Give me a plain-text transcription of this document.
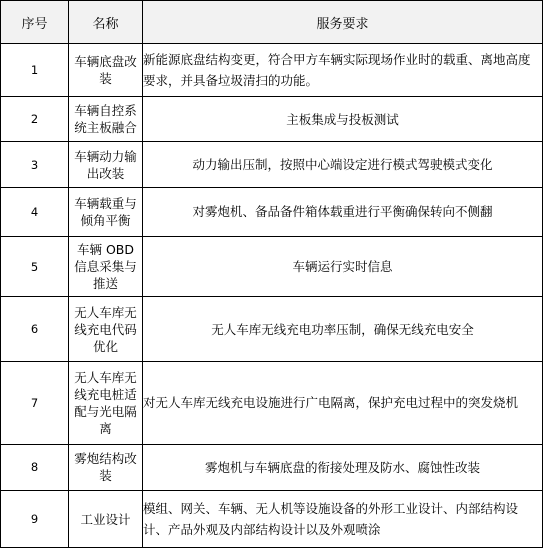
序号	名称	服务要求
1	车辆底盘改装	新能源底盘结构变更，符合甲方车辆实际现场作业时的载重、离地高度要求，并具备垃圾清扫的功能。
2	车辆自控系统主板融合	主板集成与投板测试
3	车辆动力输出改装	动力输出压制，按照中心端设定进行模式驾驶模式变化
4	车辆载重与倾角平衡	对雾炮机、备品备件箱体载重进行平衡确保转向不侧翻
5	车辆 OBD 信息采集与推送	车辆运行实时信息
6	无人车库无线充电代码优化	无人车库无线充电功率压制，确保无线充电安全
7	无人车库无线充电桩适配与光电隔离	对无人车库无线充电设施进行广电隔离，保护充电过程中的突发烧机
8	雾炮结构改装	雾炮机与车辆底盘的衔接处理及防水、腐蚀性改装
9	工业设计	模组、网关、车辆、无人机等设施设备的外形工业设计、内部结构设计、产品外观及内部结构设计以及外观喷涂
